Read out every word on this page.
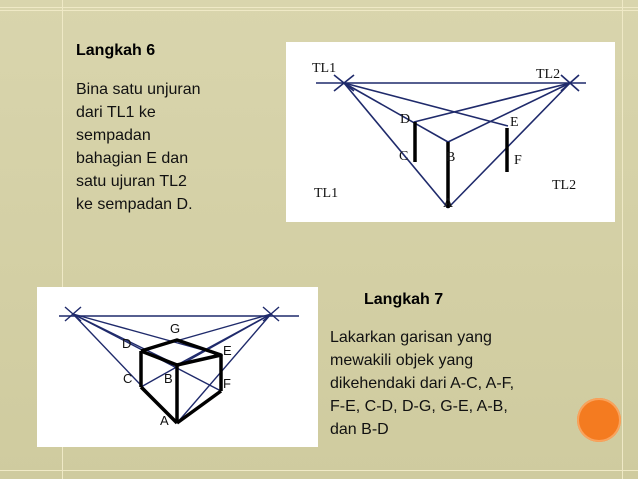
Langkah 6
Bina satu unjuran
dari TL1 ke
sempadan
bahagian E dan
satu ujuran TL2
ke sempadan D.
TL1	TL2
TL1
TL2
D	E
C	B	F
A
G
D	E
C B	F
A
Langkah 7
Lakarkan garisan yang
mewakili objek yang
dikehendaki dari A-C, A-F,
F-E, C-D, D-G, G-E, A-B,
dan B-D
